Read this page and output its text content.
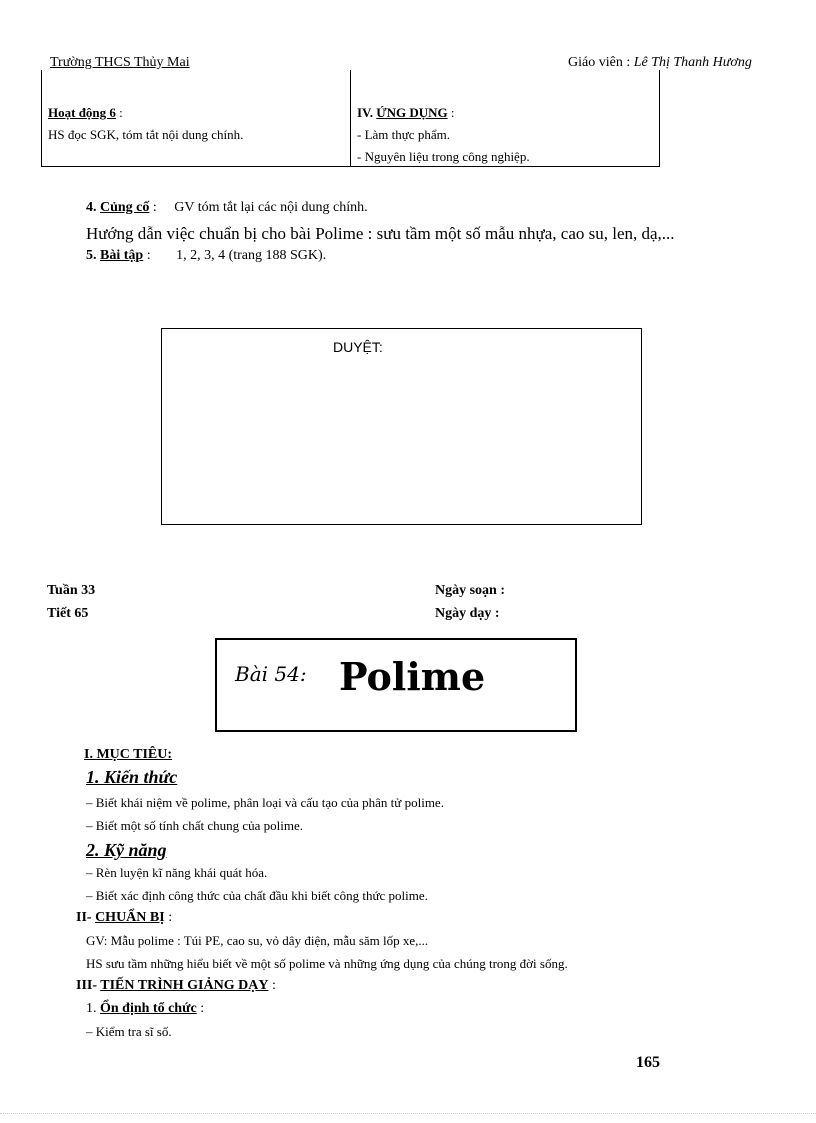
Trường THCS Thủy Mai	Giáo viên : Lê Thị Thanh Hương
Hoạt động 6 :
HS đọc SGK, tóm tắt nội dung chính.
IV. ỨNG DỤNG :
- Làm thực phẩm.
- Nguyên liệu trong công nghiệp.
4. Củng cố : GV tóm tắt lại các nội dung chính.
Hướng dẫn việc chuẩn bị cho bài Polime : sưu tầm một số mẫu nhựa, cao su, len, dạ,...
5. Bài tập : 1, 2, 3, 4 (trang 188 SGK).
DUYỆT:
Tuần 33
Tiết 65
Ngày soạn :
Ngày dạy :
Bài 54: Polime
I. MỤC TIÊU:
1. Kiến thức
– Biết khái niệm về polime, phân loại và cấu tạo của phân tử polime.
– Biết một số tính chất chung của polime.
2. Kỹ năng
– Rèn luyện kĩ năng khái quát hóa.
– Biết xác định công thức của chất đầu khi biết công thức polime.
II- CHUẨN BỊ :
GV: Mẫu polime : Túi PE, cao su, vỏ dây điện, mẫu săm lốp xe,...
HS sưu tầm những hiểu biết về một số polime và những ứng dụng của chúng trong đời sống.
III- TIẾN TRÌNH GIẢNG DẠY :
1. Ổn định tổ chức :
– Kiểm tra sĩ số.
165
